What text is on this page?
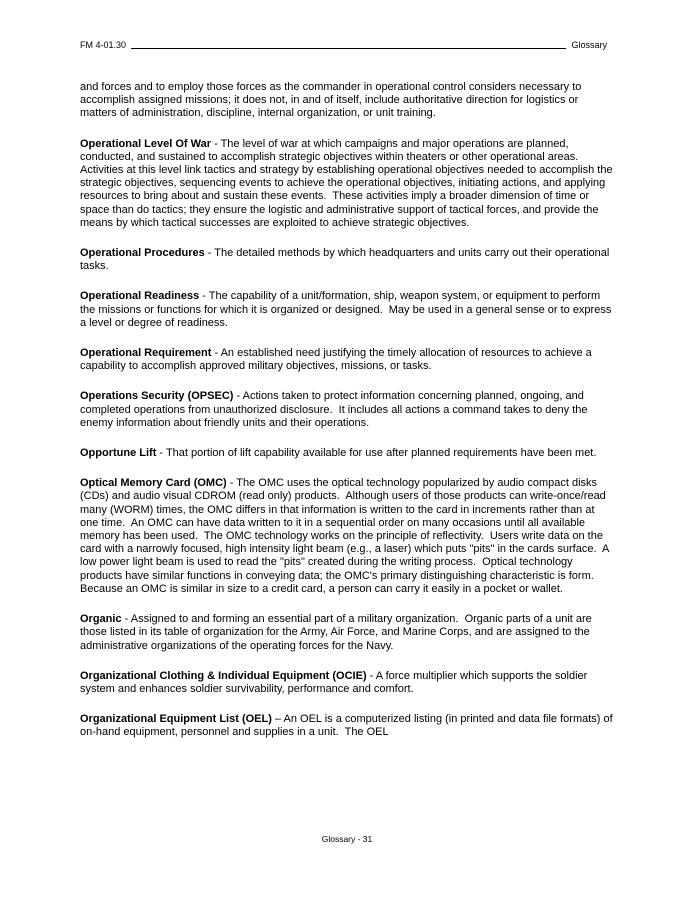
FM 4-01.30	Glossary

and forces and to employ those forces as the commander in operational control considers necessary to accomplish assigned missions; it does not, in and of itself, include authoritative direction for logistics or matters of administration, discipline, internal organization, or unit training.

Operational Level Of War - The level of war at which campaigns and major operations are planned, conducted, and sustained to accomplish strategic objectives within theaters or other operational areas.  Activities at this level link tactics and strategy by establishing operational objectives needed to accomplish the strategic objectives, sequencing events to achieve the operational objectives, initiating actions, and applying resources to bring about and sustain these events.  These activities imply a broader dimension of time or space than do tactics; they ensure the logistic and administrative support of tactical forces, and provide the means by which tactical successes are exploited to achieve strategic objectives.

Operational Procedures - The detailed methods by which headquarters and units carry out their operational tasks.

Operational Readiness - The capability of a unit/formation, ship, weapon system, or equipment to perform the missions or functions for which it is organized or designed.  May be used in a general sense or to express a level or degree of readiness.

Operational Requirement - An established need justifying the timely allocation of resources to achieve a capability to accomplish approved military objectives, missions, or tasks.

Operations Security (OPSEC) - Actions taken to protect information concerning planned, ongoing, and completed operations from unauthorized disclosure.  It includes all actions a command takes to deny the enemy information about friendly units and their operations.

Opportune Lift - That portion of lift capability available for use after planned requirements have been met.

Optical Memory Card (OMC) - The OMC uses the optical technology popularized by audio compact disks (CDs) and audio visual CDROM (read only) products.  Although users of those products can write-once/read many (WORM) times, the OMC differs in that information is written to the card in increments rather than at one time.  An OMC can have data written to it in a sequential order on many occasions until all available memory has been used.  The OMC technology works on the principle of reflectivity.  Users write data on the card with a narrowly focused, high intensity light beam (e.g., a laser) which puts "pits" in the cards surface.  A low power light beam is used to read the "pits" created during the writing process.  Optical technology products have similar functions in conveying data; the OMC's primary distinguishing characteristic is form.  Because an OMC is similar in size to a credit card, a person can carry it easily in a pocket or wallet.

Organic - Assigned to and forming an essential part of a military organization.  Organic parts of a unit are those listed in its table of organization for the Army, Air Force, and Marine Corps, and are assigned to the administrative organizations of the operating forces for the Navy.

Organizational Clothing & Individual Equipment (OCIE) - A force multiplier which supports the soldier system and enhances soldier survivability, performance and comfort.

Organizational Equipment List (OEL) – An OEL is a computerized listing (in printed and data file formats) of on-hand equipment, personnel and supplies in a unit.  The OEL

Glossary - 31
